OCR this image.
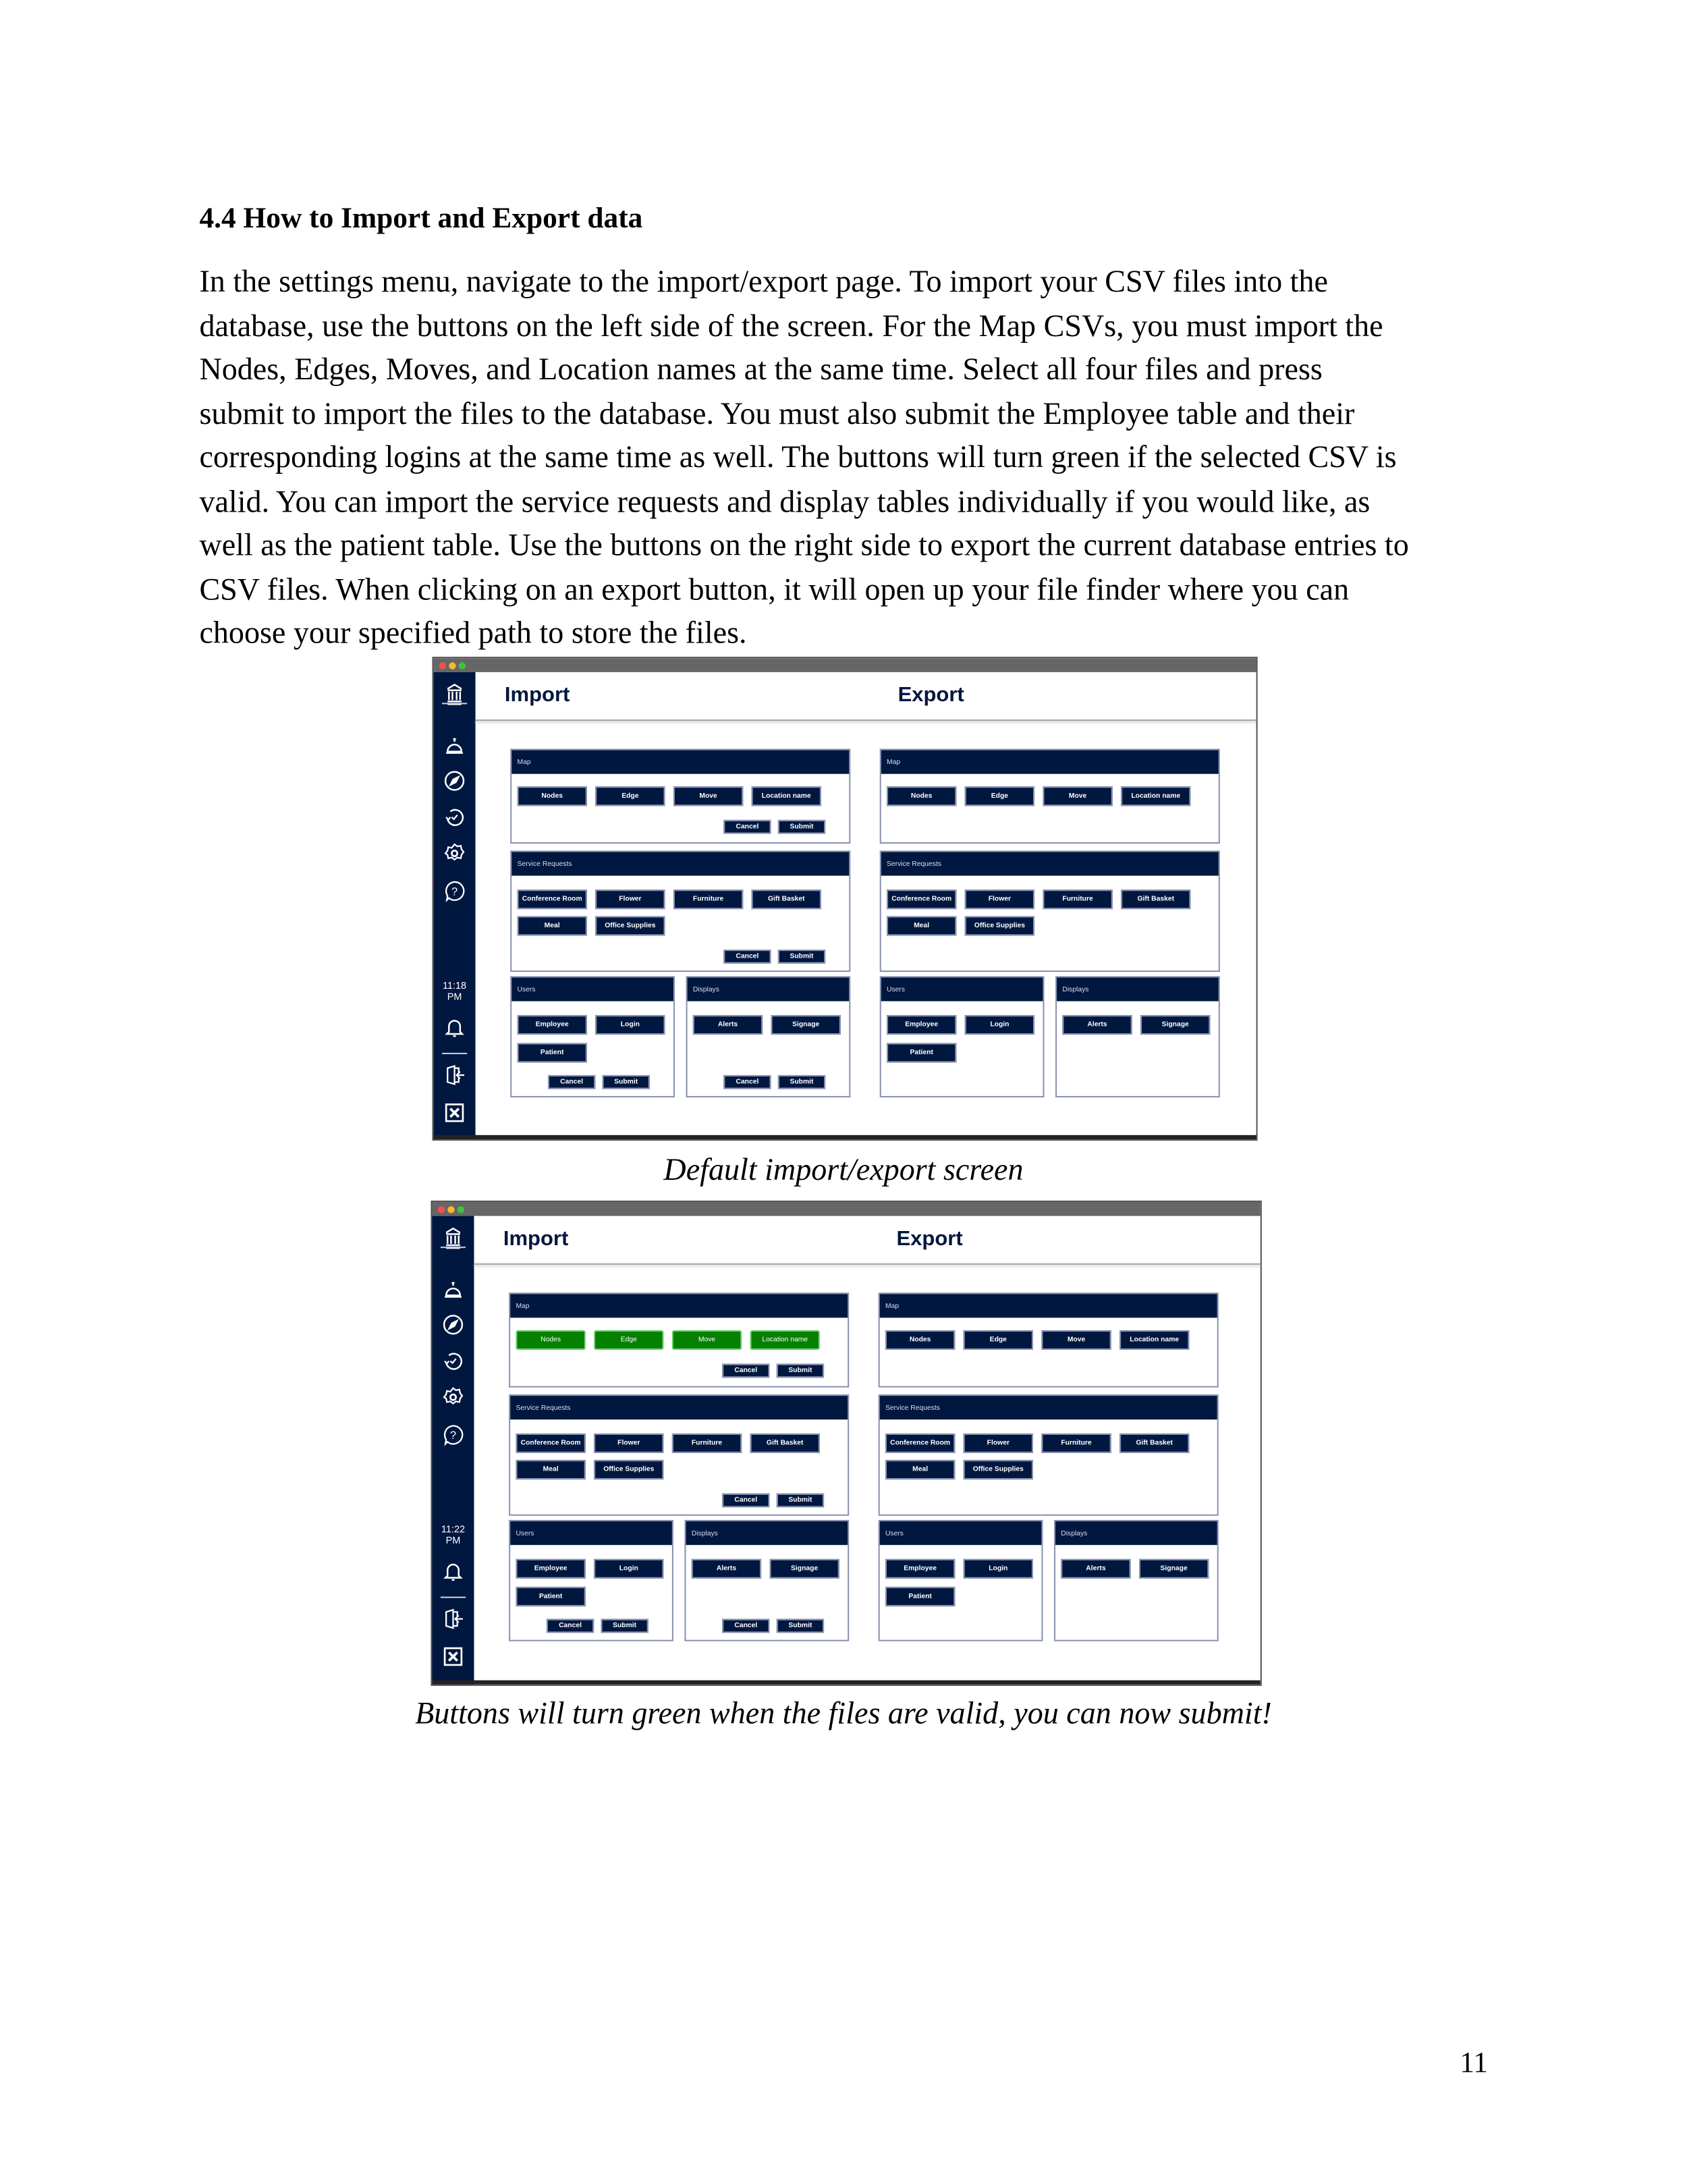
4.4 How to Import and Export data
In the settings menu, navigate to the import/export page. To import your CSV files into the
database, use the buttons on the left side of the screen. For the Map CSVs, you must import the
Nodes, Edges, Moves, and Location names at the same time. Select all four files and press
submit to import the files to the database. You must also submit the Employee table and their
corresponding logins at the same time as well. The buttons will turn green if the selected CSV is
valid. You can import the service requests and display tables individually if you would like, as
well as the patient table. Use the buttons on the right side to export the current database entries to
CSV files. When clicking on an export button, it will open up your file finder where you can
choose your specified path to store the files.
?
11:18
PM
Import	Export
Map
Nodes	Edge	Move	Location name
Cancel	Submit
Service Requests
Conference Room	Flower	Furniture	Gift Basket
Meal	Office Supplies
Cancel	Submit
Users
Employee	Login
Patient
Cancel	Submit
Displays
Alerts	Signage
Cancel	Submit
Map
Nodes	Edge	Move	Location name
Service Requests
Conference Room	Flower	Furniture	Gift Basket
Meal	Office Supplies
Users
Employee	Login
Patient
Displays
Alerts	Signage
Default import/export screen
?
11:22
PM
Import	Export
Map
Nodes	Edge	Move	Location name
Cancel	Submit
Service Requests
Conference Room	Flower	Furniture	Gift Basket
Meal	Office Supplies
Cancel	Submit
Users
Employee	Login
Patient
Cancel	Submit
Displays
Alerts	Signage
Cancel	Submit
Map
Nodes	Edge	Move	Location name
Service Requests
Conference Room	Flower	Furniture	Gift Basket
Meal	Office Supplies
Users
Employee	Login
Patient
Displays
Alerts	Signage
Buttons will turn green when the files are valid, you can now submit!
11
